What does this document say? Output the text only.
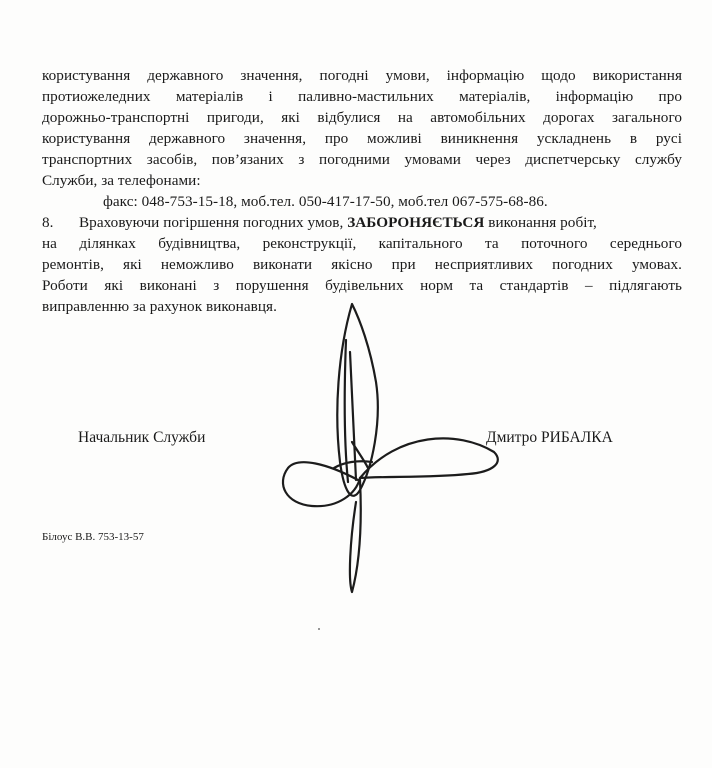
користування державного значення, погодні умови, інформацію щодо використання
протиожеледних матеріалів і паливно-мастильних матеріалів, інформацію про
дорожньо-транспортні пригоди, які відбулися на автомобільних дорогах загального
користування державного значення, про можливі виникнення ускладнень в русі
транспортних засобів, пов’язаних з погодними умовами через диспетчерську службу
Служби, за телефонами:
факс: 048-753-15-18, моб.тел. 050-417-17-50, моб.тел 067-575-68-86.
8. Враховуючи погіршення погодних умов, ЗАБОРОНЯЄТЬСЯ виконання робіт,
на ділянках будівництва, реконструкції, капітального та поточного середнього
ремонтів, які неможливо виконати якісно при несприятливих погодних умовах.
Роботи які виконані з порушення будівельних норм та стандартів – підлягають
виправленню за рахунок виконавця.
Начальник Служби	Дмитро РИБАЛКА
Білоус В.В. 753-13-57
